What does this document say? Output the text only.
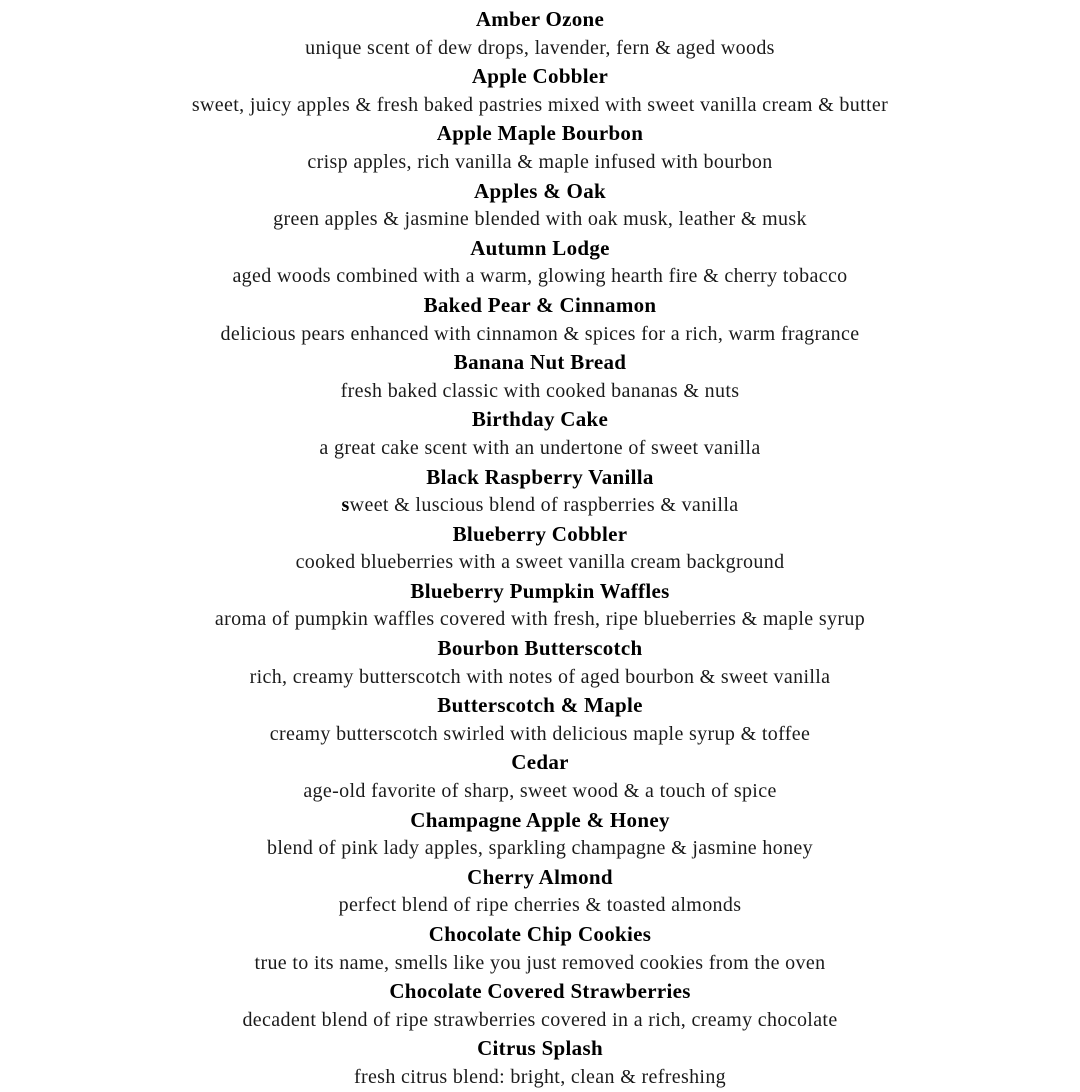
Amber Ozone
unique scent of dew drops, lavender, fern & aged woods
Apple Cobbler
sweet, juicy apples & fresh baked pastries mixed with sweet vanilla cream & butter
Apple Maple Bourbon
crisp apples, rich vanilla & maple infused with bourbon
Apples & Oak
green apples & jasmine blended with oak musk, leather & musk
Autumn Lodge
aged woods combined with a warm, glowing hearth fire & cherry tobacco
Baked Pear & Cinnamon
delicious pears enhanced with cinnamon & spices for a rich, warm fragrance
Banana Nut Bread
fresh baked classic with cooked bananas & nuts
Birthday Cake
a great cake scent with an undertone of sweet vanilla
Black Raspberry Vanilla
sweet & luscious blend of raspberries & vanilla
Blueberry Cobbler
cooked blueberries with a sweet vanilla cream background
Blueberry Pumpkin Waffles
aroma of pumpkin waffles covered with fresh, ripe blueberries & maple syrup
Bourbon Butterscotch
rich, creamy butterscotch with notes of aged bourbon & sweet vanilla
Butterscotch & Maple
creamy butterscotch swirled with delicious maple syrup & toffee
Cedar
age-old favorite of sharp, sweet wood & a touch of spice
Champagne Apple & Honey
blend of pink lady apples, sparkling champagne & jasmine honey
Cherry Almond
perfect blend of ripe cherries & toasted almonds
Chocolate Chip Cookies
true to its name, smells like you just removed cookies from the oven
Chocolate Covered Strawberries
decadent blend of ripe strawberries covered in a rich, creamy chocolate
Citrus Splash
fresh citrus blend: bright, clean & refreshing
